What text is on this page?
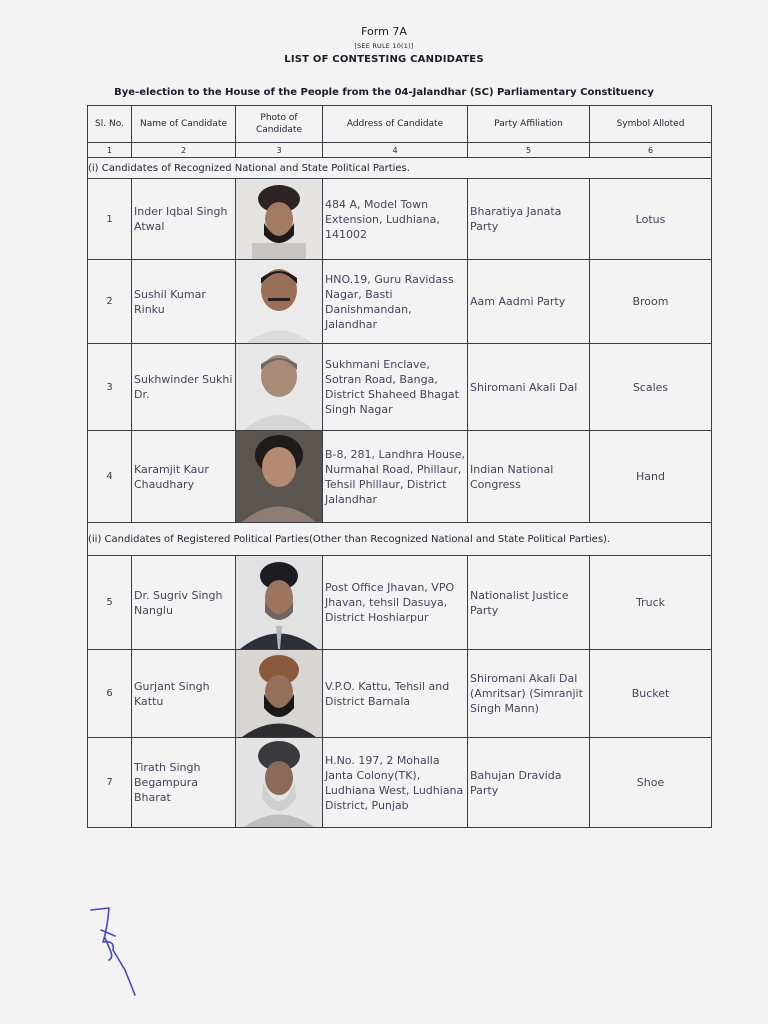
Form 7A
[SEE RULE 10(1)]
LIST OF CONTESTING CANDIDATES
Bye-election to the House of the People from the 04-Jalandhar (SC) Parliamentary Constituency
Sl. No.	Name of Candidate	Photo of Candidate	Address of Candidate	Party Affiliation	Symbol Alloted
1	2	3	4	5	6
(i) Candidates of Recognized National and State Political Parties.					
1	Inder Iqbal Singh Atwal		484 A, Model Town Extension, Ludhiana, 141002	Bharatiya Janata Party	Lotus
2	Sushil Kumar Rinku		HNO.19, Guru Ravidass Nagar, Basti Danishmandan, Jalandhar	Aam Aadmi Party	Broom
3	Sukhwinder Sukhi Dr.		Sukhmani Enclave, Sotran Road, Banga, District Shaheed Bhagat Singh Nagar	Shiromani Akali Dal	Scales
4	Karamjit Kaur Chaudhary		B-8, 281, Landhra House, Nurmahal Road, Phillaur, Tehsil Phillaur, District Jalandhar	Indian National Congress	Hand
(ii) Candidates of Registered Political Parties(Other than Recognized National and State Political Parties).					
5	Dr. Sugriv Singh Nanglu		Post Office Jhavan, VPO Jhavan, tehsil Dasuya, District Hoshiarpur	Nationalist Justice Party	Truck
6	Gurjant Singh Kattu		V.P.O. Kattu, Tehsil and District Barnala	Shiromani Akali Dal (Amritsar) (Simranjit Singh Mann)	Bucket
7	Tirath Singh Begampura Bharat		H.No. 197, 2 Mohalla Janta Colony(TK), Ludhiana West, Ludhiana District, Punjab	Bahujan Dravida Party	Shoe
